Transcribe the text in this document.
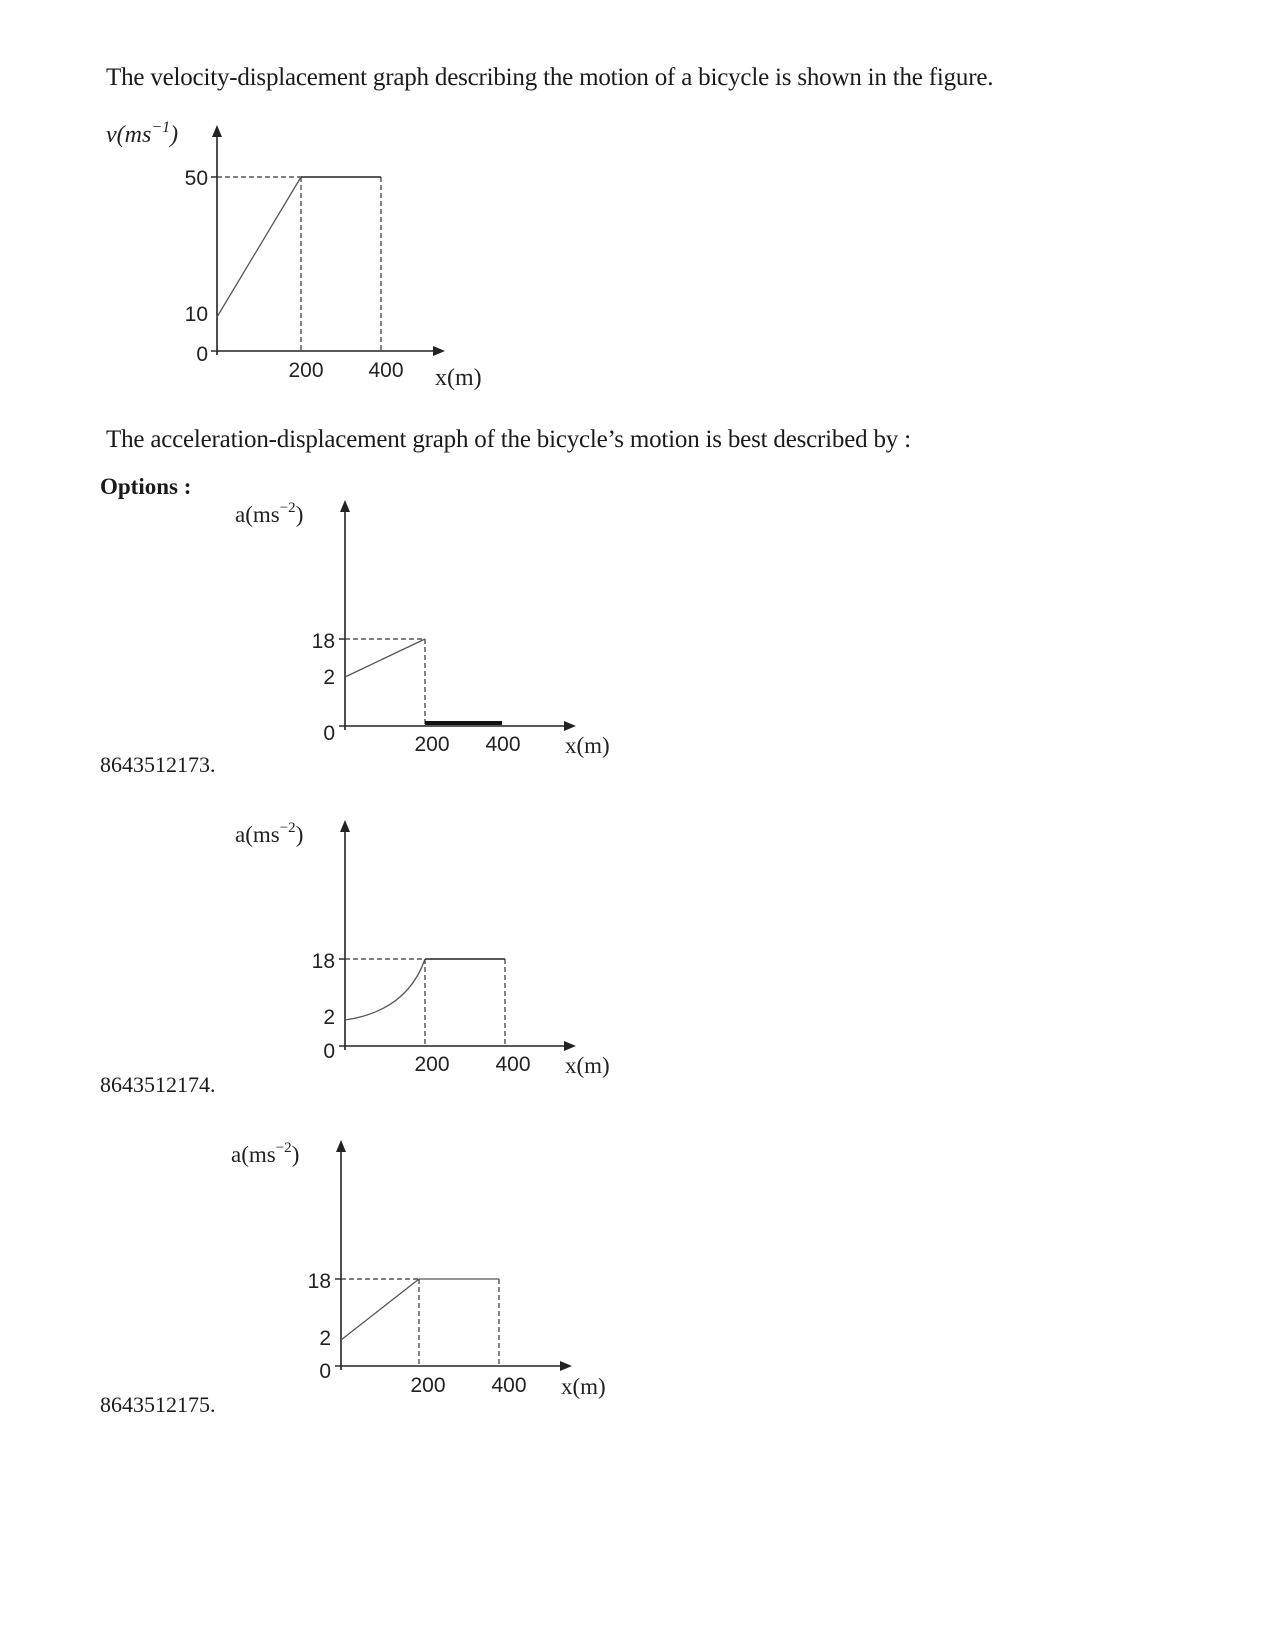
The velocity-displacement graph describing the motion of a bicycle is shown in the figure.
$v(ms^{-1})$
50
10
0
200 400 x(m)
The acceleration-displacement graph of the bicycle’s motion is best described by :
Options :
$a(ms^{-2})$
18
2
0	200 400 x(m)
8643512173.
$a(ms^{-2})$
18
2
0
200 400 x(m)
8643512174.
$a(ms^{-2})$
18
2
0
200 400 x(m)
8643512175.
